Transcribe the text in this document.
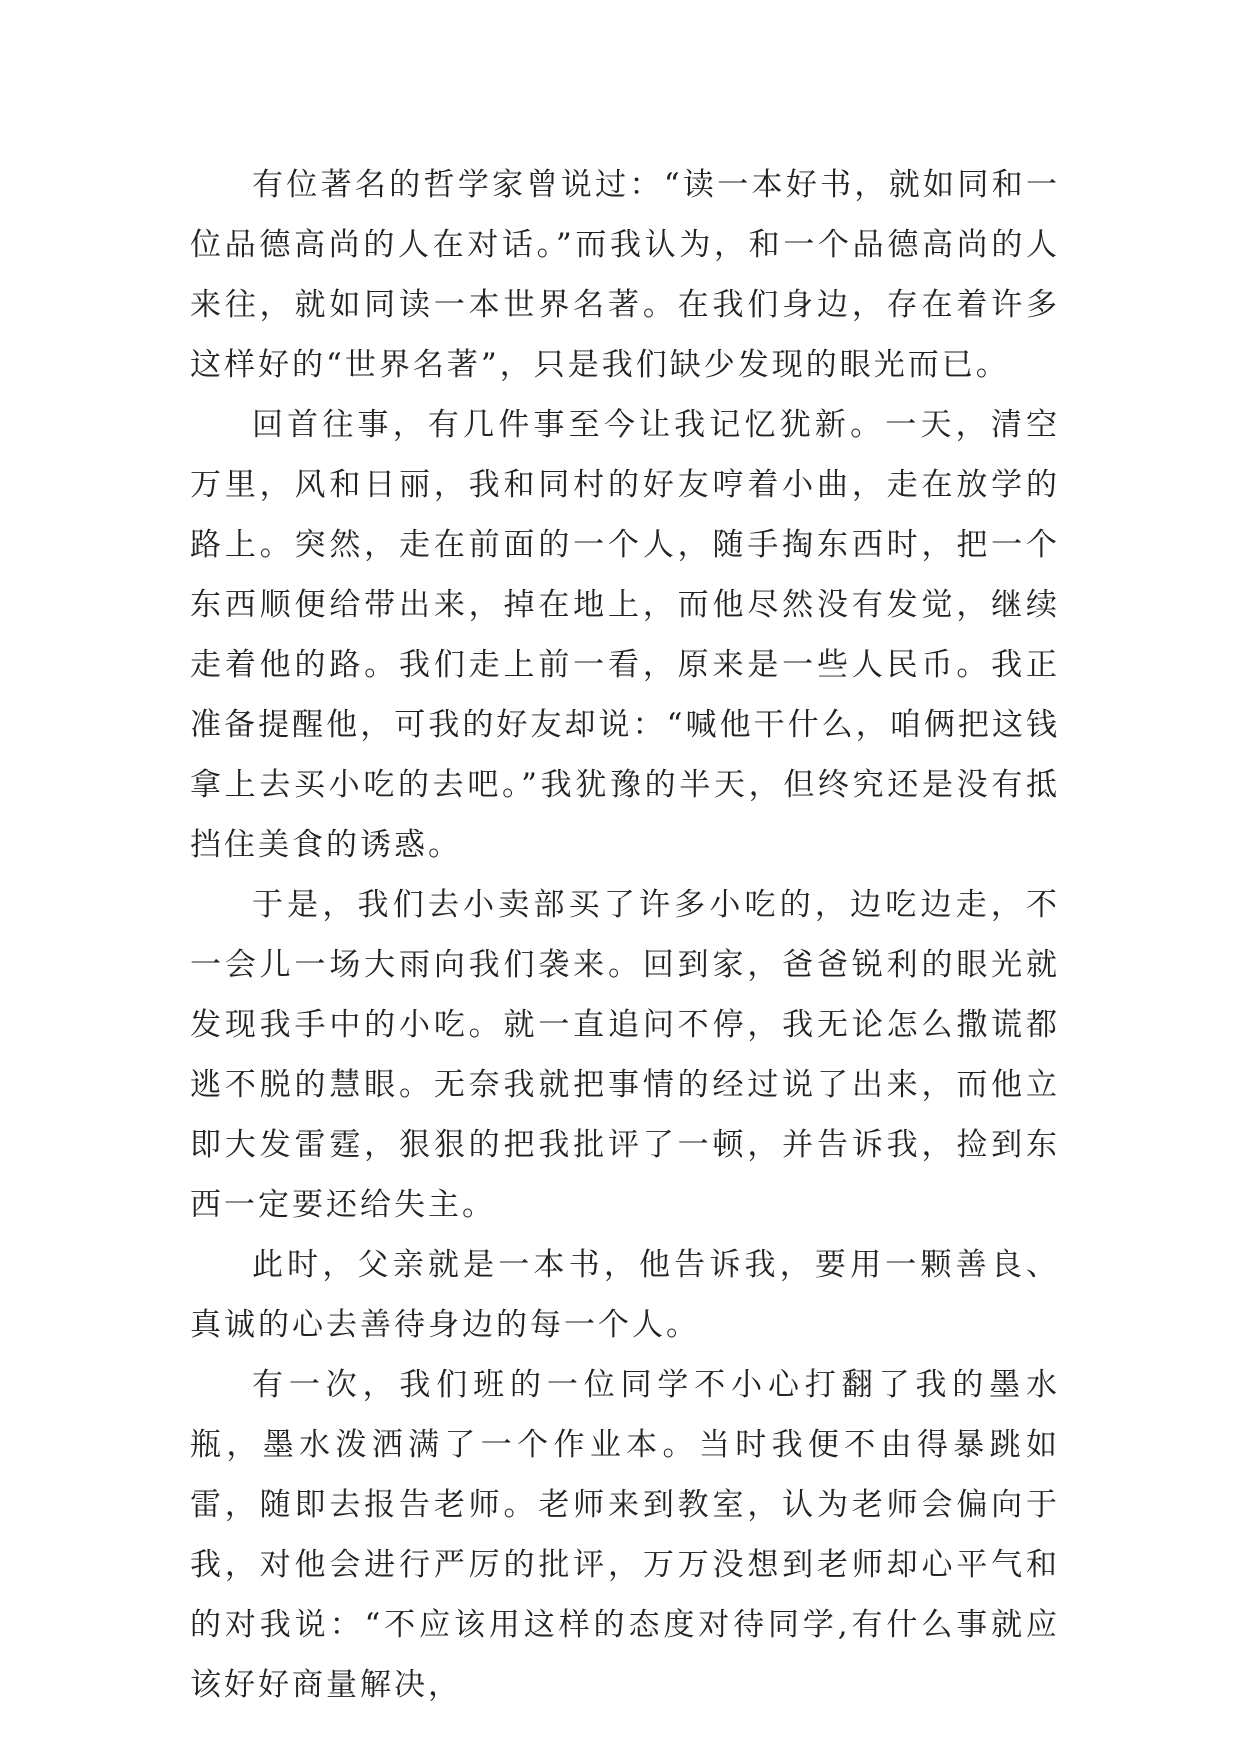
有位著名的哲学家曾说过：“读一本好书，就如同和一位品德高尚的人在对话。”而我认为，和一个品德高尚的人来往，就如同读一本世界名著。在我们身边，存在着许多这样好的“世界名著”，只是我们缺少发现的眼光而已。

回首往事，有几件事至今让我记忆犹新。一天，清空万里，风和日丽，我和同村的好友哼着小曲，走在放学的路上。突然，走在前面的一个人，随手掏东西时，把一个东西顺便给带出来，掉在地上，而他尽然没有发觉，继续走着他的路。我们走上前一看，原来是一些人民币。我正准备提醒他，可我的好友却说：“喊他干什么，咱俩把这钱拿上去买小吃的去吧。”我犹豫的半天，但终究还是没有抵挡住美食的诱惑。

于是，我们去小卖部买了许多小吃的，边吃边走，不一会儿一场大雨向我们袭来。回到家，爸爸锐利的眼光就发现我手中的小吃。就一直追问不停，我无论怎么撒谎都逃不脱的慧眼。无奈我就把事情的经过说了出来，而他立即大发雷霆，狠狠的把我批评了一顿，并告诉我，捡到东西一定要还给失主。

此时，父亲就是一本书，他告诉我，要用一颗善良、真诚的心去善待身边的每一个人。

有一次，我们班的一位同学不小心打翻了我的墨水瓶，墨水泼洒满了一个作业本。当时我便不由得暴跳如雷，随即去报告老师。老师来到教室，认为老师会偏向于我，对他会进行严厉的批评，万万没想到老师却心平气和的对我说：“不应该用这样的态度对待同学,有什么事就应该好好商量解决，
